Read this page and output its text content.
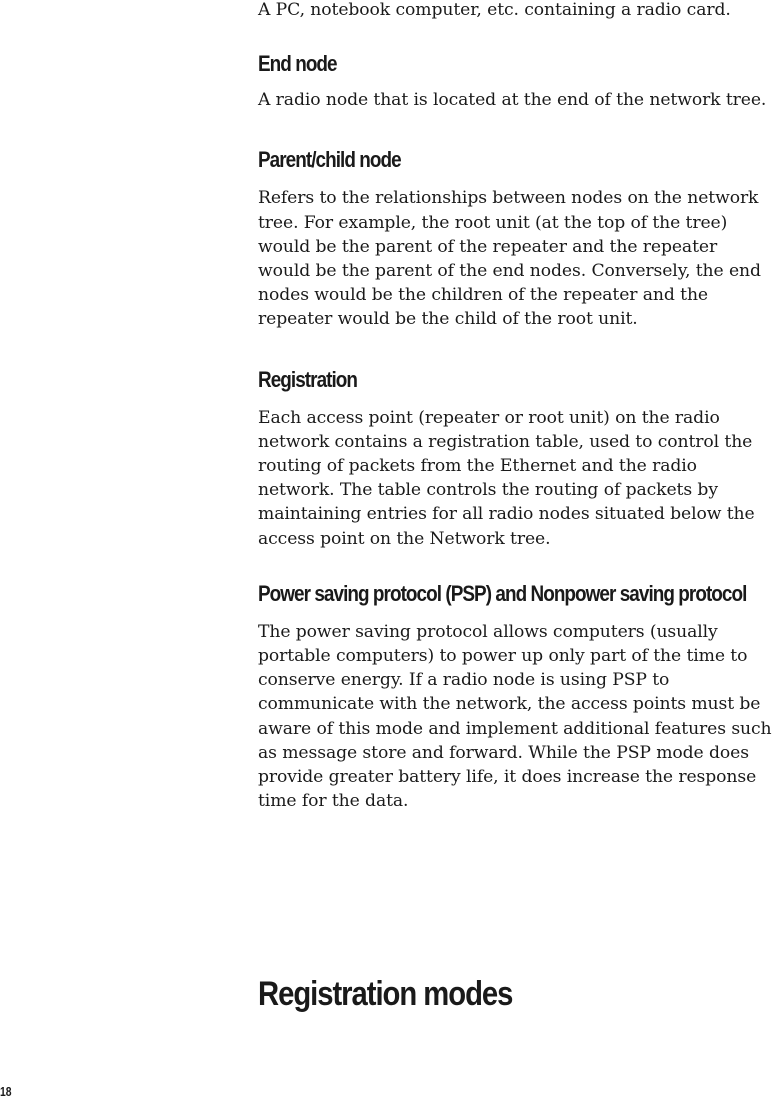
A PC, notebook computer, etc. containing a radio card.

End node

A radio node that is located at the end of the network tree.

Parent/child node

Refers to the relationships between nodes on the network tree. For example, the root unit (at the top of the tree) would be the parent of the repeater and the repeater would be the parent of the end nodes. Conversely, the end nodes would be the children of the repeater and the repeater would be the child of the root unit.

Registration

Each access point (repeater or root unit) on the radio network contains a registration table, used to control the routing of packets from the Ethernet and the radio network. The table controls the routing of packets by maintaining entries for all radio nodes situated below the access point on the Network tree.

Power saving protocol (PSP) and Nonpower saving protocol

The power saving protocol allows computers (usually portable computers) to power up only part of the time to conserve energy. If a radio node is using PSP to communicate with the network, the access points must be aware of this mode and implement additional features such as message store and forward. While the PSP mode does provide greater battery life, it does increase the response time for the data.

Registration modes
18
